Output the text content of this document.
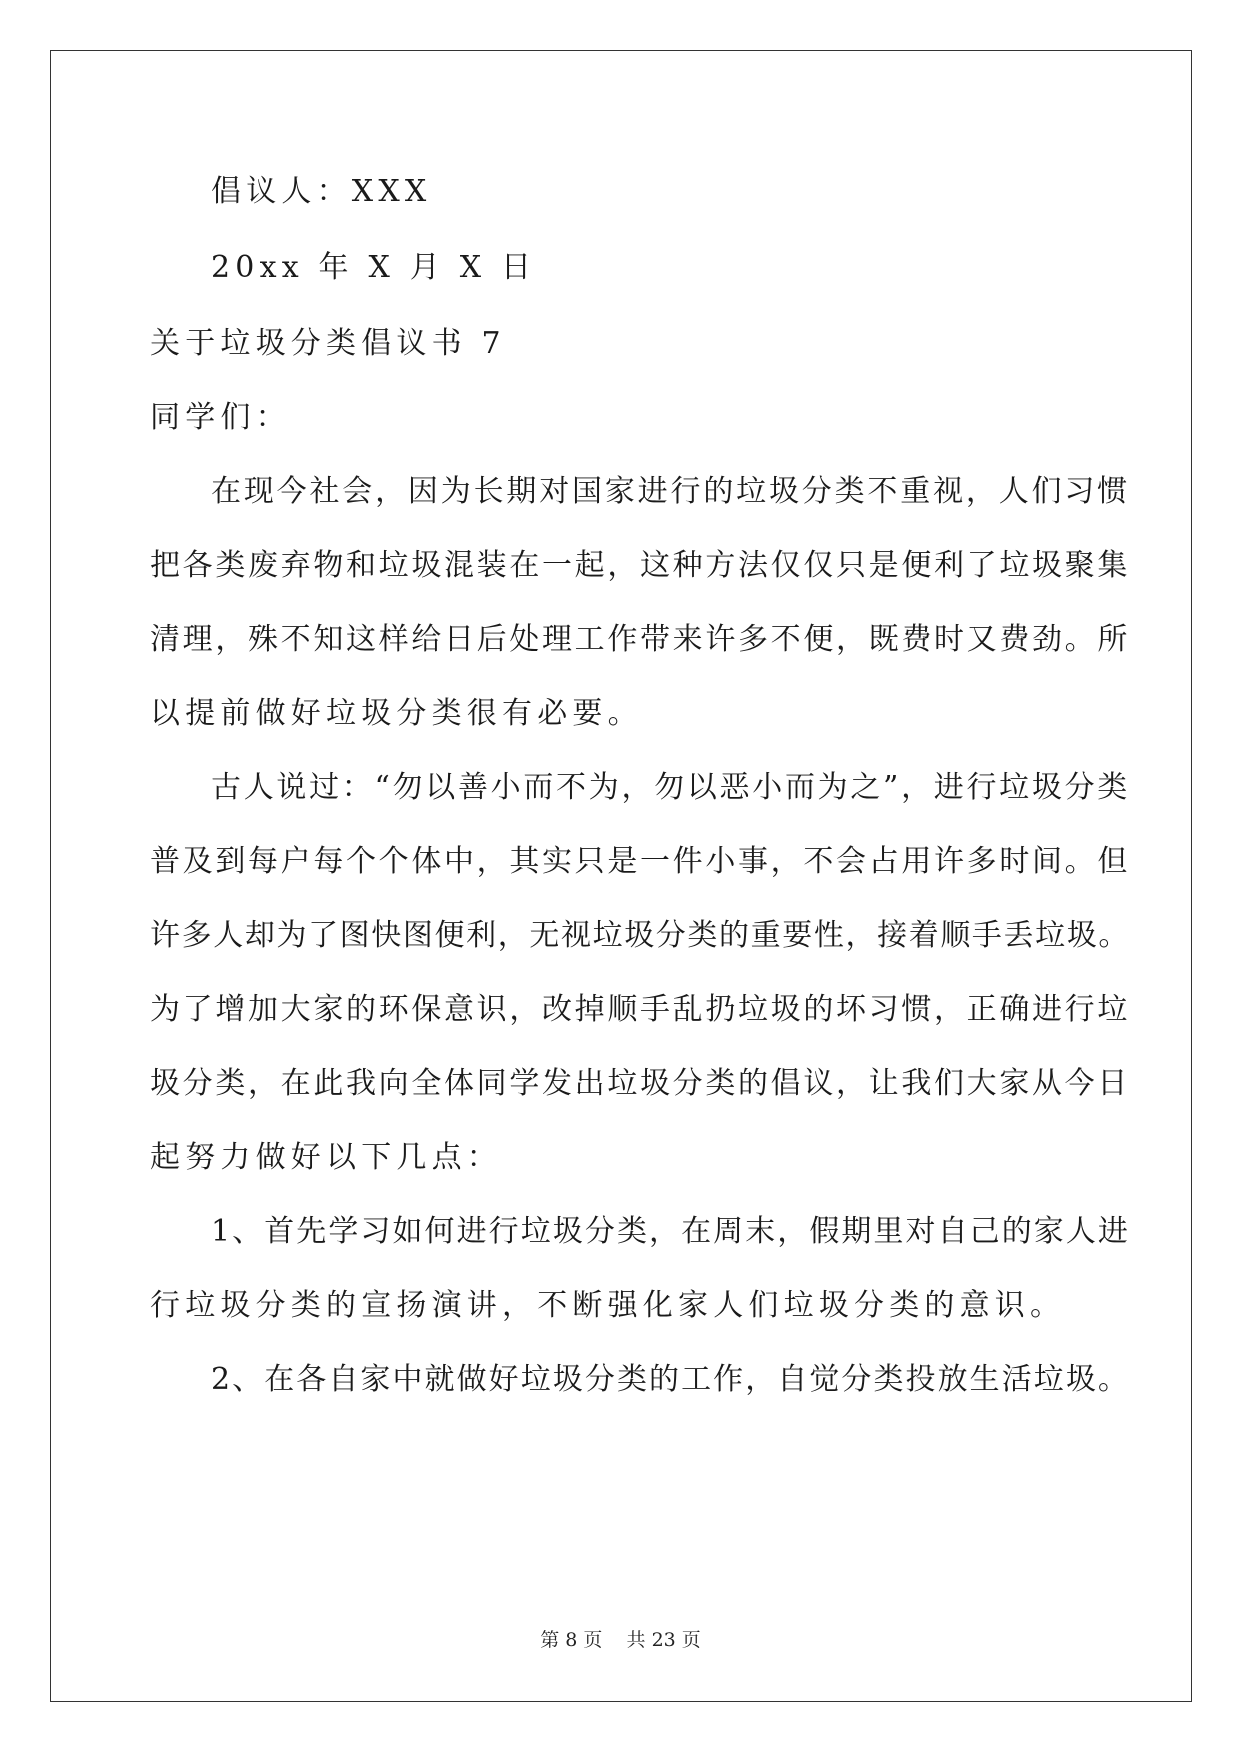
倡议人：XXX
20xx 年 X 月 X 日
关于垃圾分类倡议书 7
同学们：
在现今社会，因为长期对国家进行的垃圾分类不重视，人们习惯
把各类废弃物和垃圾混装在一起，这种方法仅仅只是便利了垃圾聚集
清理，殊不知这样给日后处理工作带来许多不便，既费时又费劲。所
以提前做好垃圾分类很有必要。
古人说过：“勿以善小而不为，勿以恶小而为之”，进行垃圾分类
普及到每户每个个体中，其实只是一件小事，不会占用许多时间。但
许多人却为了图快图便利，无视垃圾分类的重要性，接着顺手丢垃圾。
为了增加大家的环保意识，改掉顺手乱扔垃圾的坏习惯，正确进行垃
圾分类，在此我向全体同学发出垃圾分类的倡议，让我们大家从今日
起努力做好以下几点：
1、首先学习如何进行垃圾分类，在周末，假期里对自己的家人进
行垃圾分类的宣扬演讲，不断强化家人们垃圾分类的意识。
2、在各自家中就做好垃圾分类的工作，自觉分类投放生活垃圾。
第 8 页    共 23 页
